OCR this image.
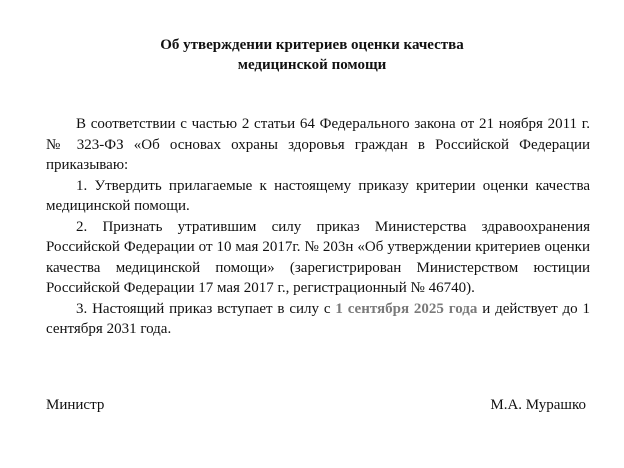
Об утверждении критериев оценки качества
медицинской помощи

В соответствии с частью 2 статьи 64 Федерального закона от 21 ноября 2011 г. № 323-ФЗ «Об основах охраны здоровья граждан в Российской Федерации приказываю:

1. Утвердить прилагаемые к настоящему приказу критерии оценки качества медицинской помощи.

2. Признать утратившим силу приказ Министерства здравоохранения Российской Федерации от 10 мая 2017г. № 203н «Об утверждении критериев оценки качества медицинской помощи» (зарегистрирован Министерством юстиции Российской Федерации 17 мая 2017 г., регистрационный № 46740).

3. Настоящий приказ вступает в силу с 1 сентября 2025 года и действует до 1 сентября 2031 года.

Министр	М.А. Мурашко
